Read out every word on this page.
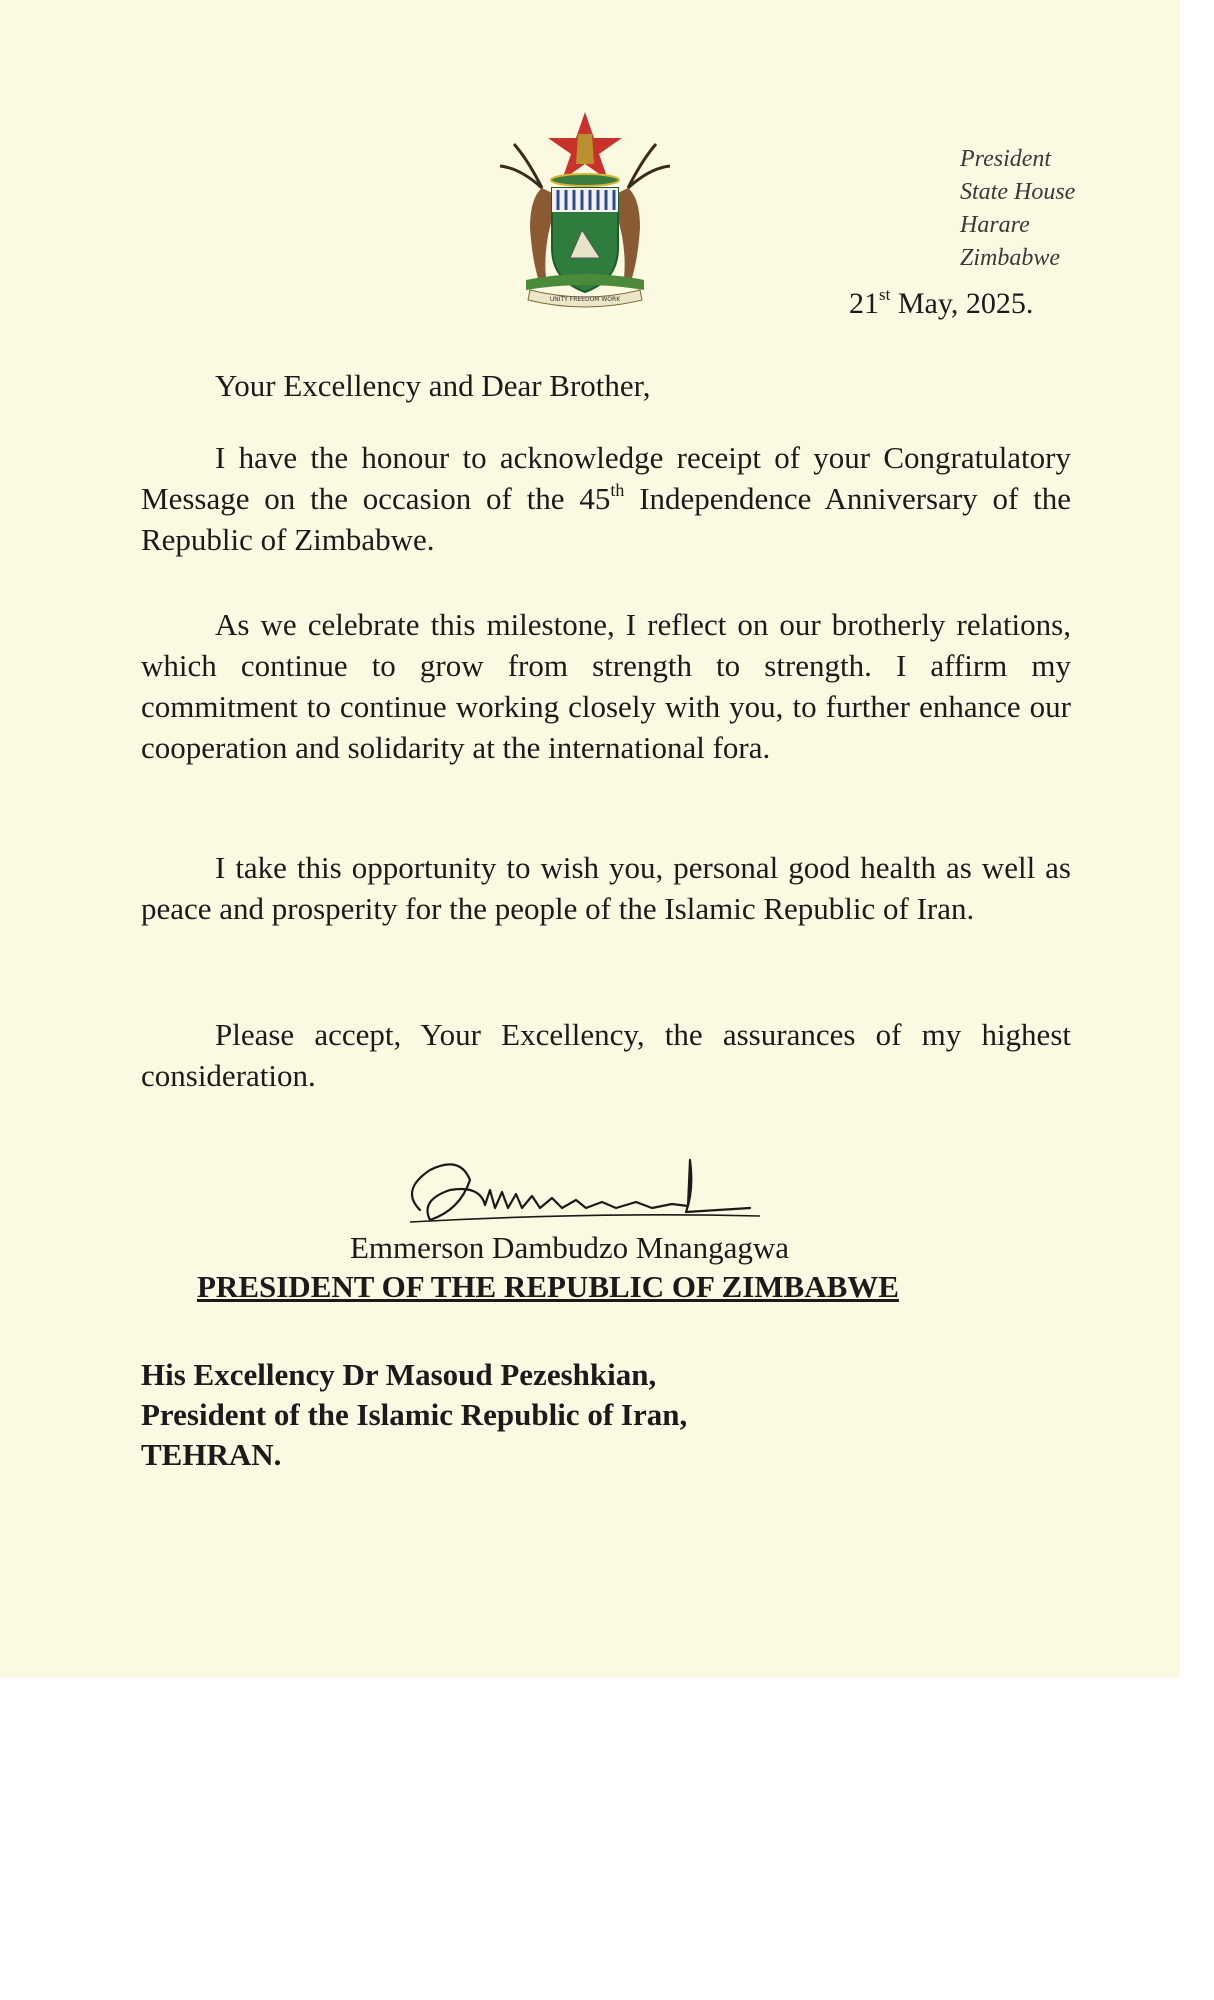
UNITY FREEDOM WORK
President
State House
Harare
Zimbabwe
21st May, 2025.
Your Excellency and Dear Brother,
I have the honour to acknowledge receipt of your Congratulatory Message on the occasion of the 45th Independence Anniversary of the Republic of Zimbabwe.
As we celebrate this milestone, I reflect on our brotherly relations, which continue to grow from strength to strength. I affirm my commitment to continue working closely with you, to further enhance our cooperation and solidarity at the international fora.
I take this opportunity to wish you, personal good health as well as peace and prosperity for the people of the Islamic Republic of Iran.
Please accept, Your Excellency, the assurances of my highest consideration.
Emmerson Dambudzo Mnangagwa
PRESIDENT OF THE REPUBLIC OF ZIMBABWE
His Excellency Dr Masoud Pezeshkian,
President of the Islamic Republic of Iran,
TEHRAN.
